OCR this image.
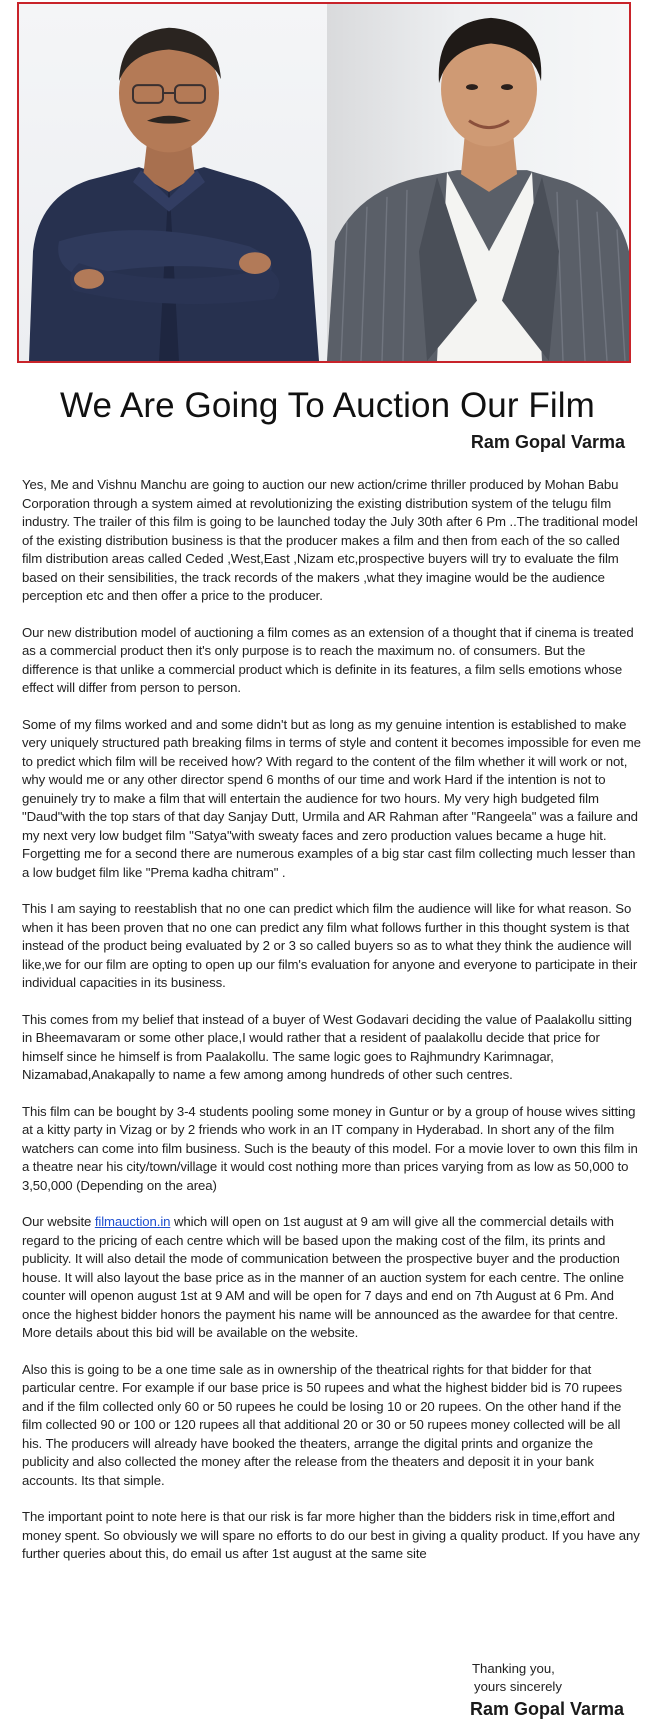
We Are Going To Auction Our Film
Ram Gopal Varma

Yes, Me and Vishnu Manchu are going to auction our new action/crime thriller produced by Mohan Babu Corporation through a system aimed at revolutionizing the existing distribution system of the telugu film industry. The trailer of this film is going to be launched today the July 30th after 6 Pm ..The traditional model of the existing distribution business is that the producer makes a film and then from each of the so called film distribution areas called Ceded ,West,East ,Nizam etc,prospective buyers will try to evaluate the film based on their sensibilities, the track records of the makers ,what they imagine would be the audience perception etc and then offer a price to the producer.

Our new distribution model of auctioning a film comes as an extension of a thought that if cinema is treated as a commercial product then it's only purpose is to reach the maximum no. of consumers. But the difference is that unlike a commercial product which is definite in its features, a film sells emotions whose effect will differ from person to person.

Some of my films worked and and some didn't but as long as my genuine intention is established to make very uniquely structured path breaking films in terms of style and content it becomes impossible for even me to predict which film will be received how? With regard to the content of the film whether it will work or not, why would me or any other director spend 6 months of our time and work Hard if the intention is not to genuinely try to make a film that will entertain the audience for two hours. My very high budgeted film "Daud"with the top stars of that day Sanjay Dutt, Urmila and AR Rahman after "Rangeela" was a failure and my next very low budget film "Satya"with sweaty faces and zero production values became a huge hit. Forgetting me for a second there are numerous examples of a big star cast film collecting much lesser than a low budget film like "Prema kadha chitram" .

This I am saying to reestablish that no one can predict which film the audience will like for what reason. So when it has been proven that no one can predict any film what follows further in this thought system is that instead of the product being evaluated by 2 or 3 so called buyers so as to what they think the audience will like,we for our film are opting to open up our film's evaluation for anyone and everyone to participate in their individual capacities in its business.

This comes from my belief that instead of a buyer of West Godavari deciding the value of Paalakollu sitting in Bheemavaram or some other place,I would rather that a resident of paalakollu decide that price for himself since he himself is from Paalakollu. The same logic goes to Rajhmundry Karimnagar, Nizamabad,Anakapally to name a few among among hundreds of other such centres.

This film can be bought by 3-4 students pooling some money in Guntur or by a group of house wives sitting at a kitty party in Vizag or by 2 friends who work in an IT company in Hyderabad. In short any of the film watchers can come into film business. Such is the beauty of this model. For a movie lover to own this film in a theatre near his city/town/village it would cost nothing more than prices varying from as low as 50,000 to 3,50,000 (Depending on the area)

Our website filmauction.in which will open on 1st august at 9 am will give all the commercial details with regard to the pricing of each centre which will be based upon the making cost of the film, its prints and publicity. It will also detail the mode of communication between the prospective buyer and the production house. It will also layout the base price as in the manner of an auction system for each centre. The online counter will openon august 1st at 9 AM and will be open for 7 days and end on 7th August at 6 Pm. And once the highest bidder honors the payment his name will be announced as the awardee for that centre. More details about this bid will be available on the website.

Also this is going to be a one time sale as in ownership of the theatrical rights for that bidder for that particular centre. For example if our base price is 50 rupees and what the highest bidder bid is 70 rupees and if the film collected only 60 or 50 rupees he could be losing 10 or 20 rupees. On the other hand if the film collected 90 or 100 or 120 rupees all that additional 20 or 30 or 50 rupees money collected will be all his. The producers will already have booked the theaters, arrange the digital prints and organize the publicity and also collected the money after the release from the theaters and deposit it in your bank accounts. Its that simple.

The important point to note here is that our risk is far more higher than the bidders risk in time,effort and money spent. So obviously we will spare no efforts to do our best in giving a quality product. If you have any further queries about this, do email us after 1st august at the same site

Thanking you,
yours sincerely
Ram Gopal Varma
